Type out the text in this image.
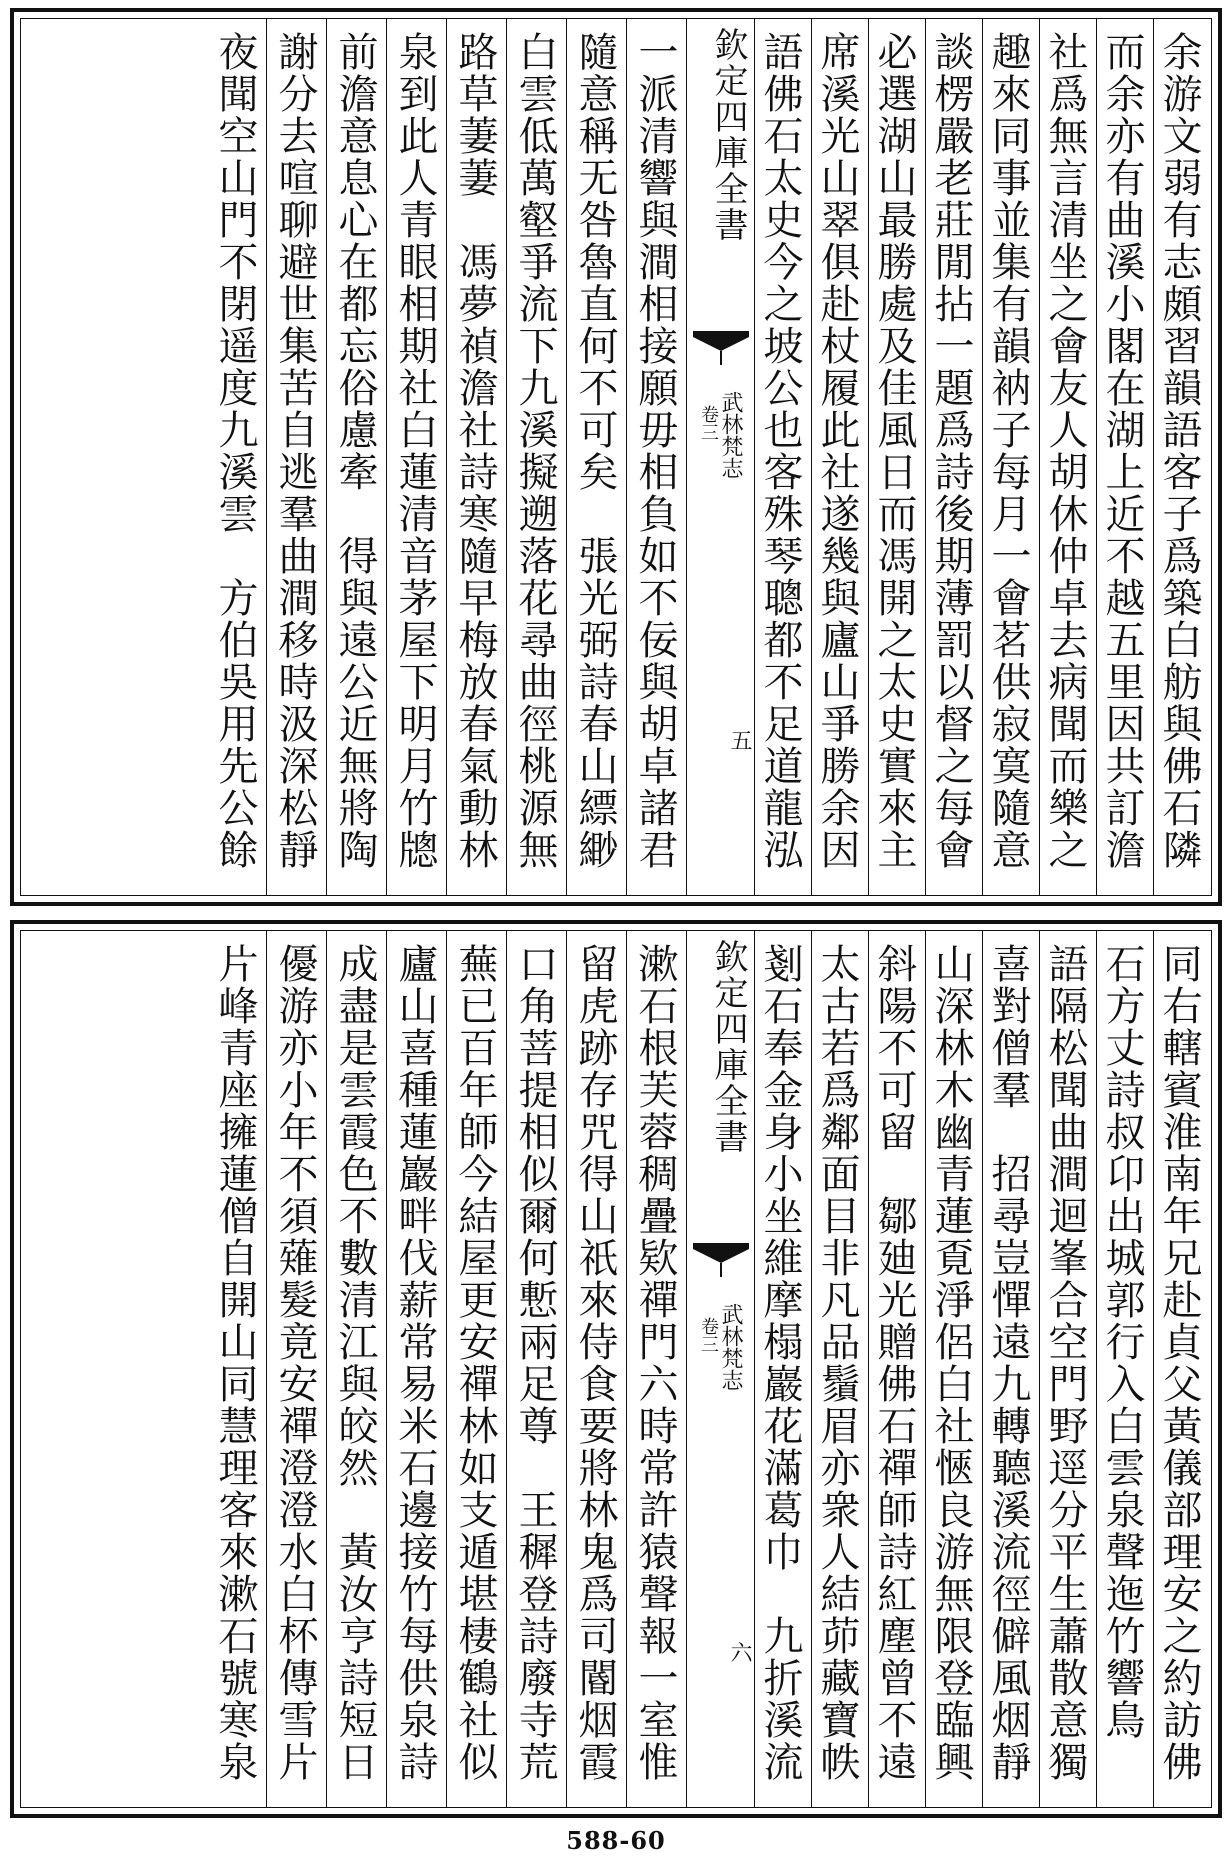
余游文弱有志頗習韻語客子爲築白舫與佛石隣
而余亦有曲溪小閣在湖上近不越五里因共訂澹
社爲無言清坐之會友人胡休仲卓去病聞而樂之
趣來同事並集有韻衲子每月一會茗供寂寞隨意
談楞嚴老莊閒拈一題爲詩後期薄罰以督之每會
必選湖山最勝處及佳風日而馮開之太史實來主
席溪光山翠俱赴杖履此社遂幾與廬山爭勝余因
語佛石太史今之坡公也客殊琴聰都不足道龍泓
欽定四庫全書
武林梵志
卷三
五
一派清響與澗相接願毋相負如不佞與胡卓諸君
隨意稱无咎魯直何不可矣　張光弼詩春山縹緲
白雲低萬壑爭流下九溪擬遡落花尋曲徑桃源無
路草萋萋　馮夢禎澹社詩寒隨早梅放春氣動林
泉到此人青眼相期社白蓮清音茅屋下明月竹牕
前澹意息心在都忘俗慮牽　得與遠公近無將陶
謝分去喧聊避世集苦自逃羣曲澗移時汲深松靜
夜聞空山門不閉遥度九溪雲　方伯吳用先公餘
同右轄賓淮南年兄赴貞父黃儀部理安之約訪佛
石方丈詩叔卬出城郭行入白雲泉聲迤竹響鳥
語隔松聞曲澗迴峯合空門野逕分平生蕭散意獨
喜對僧羣　招尋豈憚遠九轉聽溪流徑僻風烟靜
山深林木幽青蓮覔淨侶白社愜良游無限登臨興
斜陽不可留　鄒廸光贈佛石禪師詩紅塵曾不遠
太古若爲鄰面目非凡品鬚眉亦衆人結茆藏寶帙
剗石奉金身小坐維摩榻巖花滿葛巾　九折溪流
欽定四庫全書
武林梵志
卷三
六
漱石根芙蓉稠疊欵禪門六時常許猿聲報一室惟
留虎跡存咒得山祇來侍食要將林鬼爲司閽烟霞
口角菩提相似爾何慙兩足尊　王穉登詩廢寺荒
蕪已百年師今結屋更安禪林如支遁堪棲鶴社似
廬山喜種蓮巖畔伐薪常易米石邊接竹每供泉詩
成盡是雲霞色不數清江與皎然　黃汝亨詩短日
優游亦小年不須薙髮竟安禪澄澄水白杯傳雪片
片峰青座擁蓮僧自開山同慧理客來漱石號寒泉
588-60
